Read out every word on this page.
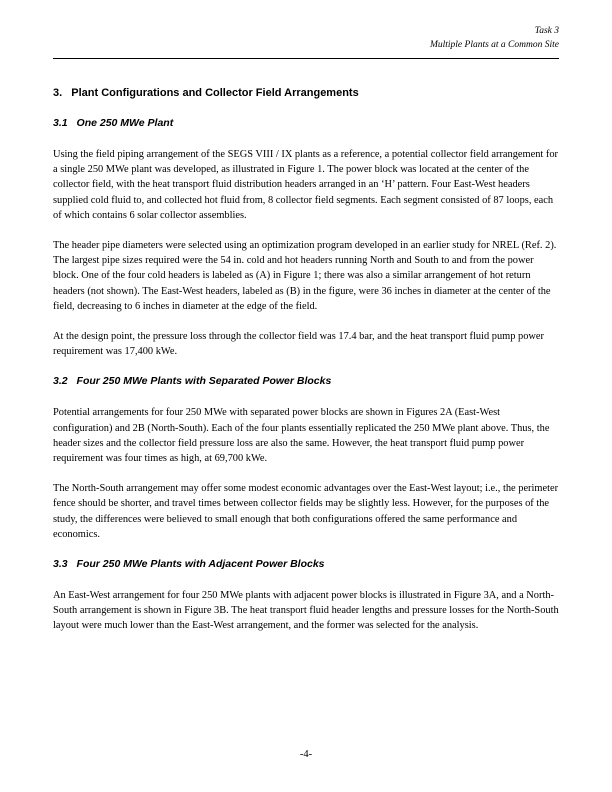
Task 3
Multiple Plants at a Common Site
3. Plant Configurations and Collector Field Arrangements
3.1 One 250 MWe Plant

Using the field piping arrangement of the SEGS VIII / IX plants as a reference, a potential collector field arrangement for a single 250 MWe plant was developed, as illustrated in Figure 1. The power block was located at the center of the collector field, with the heat transport fluid distribution headers arranged in an ‘H’ pattern. Four East-West headers supplied cold fluid to, and collected hot fluid from, 8 collector field segments. Each segment consisted of 87 loops, each of which contains 6 solar collector assemblies.

The header pipe diameters were selected using an optimization program developed in an earlier study for NREL (Ref. 2). The largest pipe sizes required were the 54 in. cold and hot headers running North and South to and from the power block. One of the four cold headers is labeled as (A) in Figure 1; there was also a similar arrangement of hot return headers (not shown). The East-West headers, labeled as (B) in the figure, were 36 inches in diameter at the center of the field, decreasing to 6 inches in diameter at the edge of the field.

At the design point, the pressure loss through the collector field was 17.4 bar, and the heat transport fluid pump power requirement was 17,400 kWe.

3.2 Four 250 MWe Plants with Separated Power Blocks

Potential arrangements for four 250 MWe with separated power blocks are shown in Figures 2A (East-West configuration) and 2B (North-South). Each of the four plants essentially replicated the 250 MWe plant above. Thus, the header sizes and the collector field pressure loss are also the same. However, the heat transport fluid pump power requirement was four times as high, at 69,700 kWe.

The North-South arrangement may offer some modest economic advantages over the East-West layout; i.e., the perimeter fence should be shorter, and travel times between collector fields may be slightly less. However, for the purposes of the study, the differences were believed to small enough that both configurations offered the same performance and economics.

3.3 Four 250 MWe Plants with Adjacent Power Blocks

An East-West arrangement for four 250 MWe plants with adjacent power blocks is illustrated in Figure 3A, and a North-South arrangement is shown in Figure 3B. The heat transport fluid header lengths and pressure losses for the North-South layout were much lower than the East-West arrangement, and the former was selected for the analysis.

-4-
